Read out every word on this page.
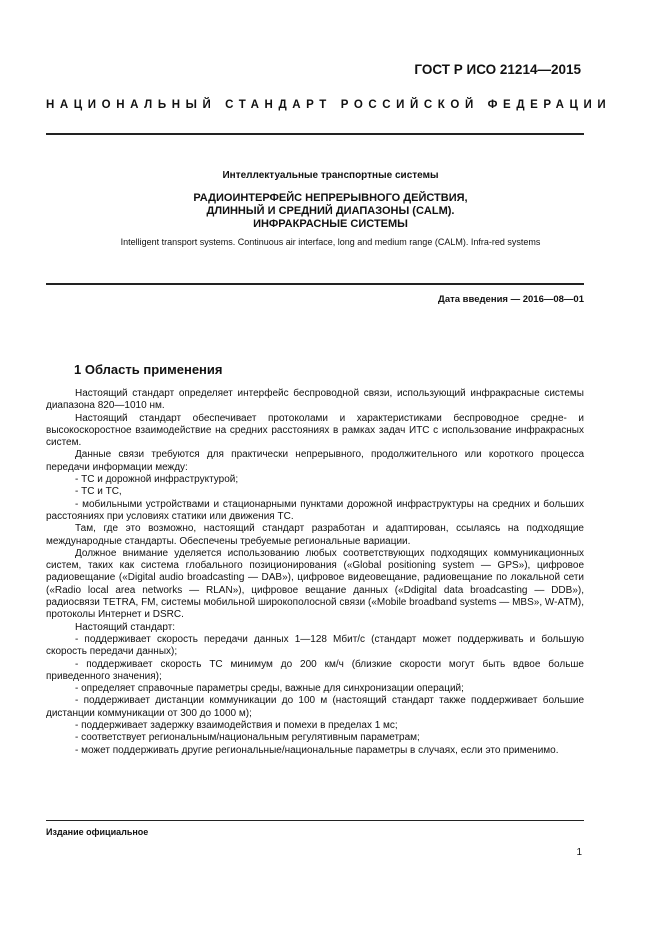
ГОСТ Р ИСО 21214—2015
НАЦИОНАЛЬНЫЙ СТАНДАРТ РОССИЙСКОЙ ФЕДЕРАЦИИ
Интеллектуальные транспортные системы
РАДИОИНТЕРФЕЙС НЕПРЕРЫВНОГО ДЕЙСТВИЯ,
ДЛИННЫЙ И СРЕДНИЙ ДИАПАЗОНЫ (CALM).
ИНФРАКРАСНЫЕ СИСТЕМЫ
Intelligent transport systems. Continuous air interface, long and medium range (CALM). Infra-red systems
Дата введения — 2016—08—01
1 Область применения

Настоящий стандарт определяет интерфейс беспроводной связи, использующий инфракрасные системы диапазона 820—1010 нм.

Настоящий стандарт обеспечивает протоколами и характеристиками беспроводное средне- и высокоскоростное взаимодействие на средних расстояниях в рамках задач ИТС с использование инфракрасных систем.

Данные связи требуются для практически непрерывного, продолжительного или короткого процесса передачи информации между:

- ТС и дорожной инфраструктурой;

- ТС и ТС,

- мобильными устройствами и стационарными пунктами дорожной инфраструктуры на средних и больших расстояниях при условиях статики или движения ТС.

Там, где это возможно, настоящий стандарт разработан и адаптирован, ссылаясь на подходящие международные стандарты. Обеспечены требуемые региональные вариации.

Должное внимание уделяется использованию любых соответствующих подходящих коммуникационных систем, таких как система глобального позиционирования («Global positioning system — GPS»), цифровое радиовещание («Digital audio broadcasting — DAB»), цифровое видеовещание, радиовещание по локальной сети («Radio local area networks — RLAN»), цифровое вещание данных («Ddigital data broadcasting — DDB»), радиосвязи TETRA, FM, системы мобильной широкополосной связи («Mobile broadband systems — MBS», W-ATM), протоколы Интернет и DSRC.

Настоящий стандарт:

- поддерживает скорость передачи данных 1—128 Мбит/с (стандарт может поддерживать и большую скорость передачи данных);

- поддерживает скорость ТС минимум до 200 км/ч (близкие скорости могут быть вдвое больше приведенного значения);

- определяет справочные параметры среды, важные для синхронизации операций;

- поддерживает дистанции коммуникации до 100 м (настоящий стандарт также поддерживает большие дистанции коммуникации от 300 до 1000 м);

- поддерживает задержку взаимодействия и помехи в пределах 1 мс;

- соответствует региональным/национальным регулятивным параметрам;

- может поддерживать другие региональные/национальные параметры в случаях, если это применимо.

Издание официальное
1
